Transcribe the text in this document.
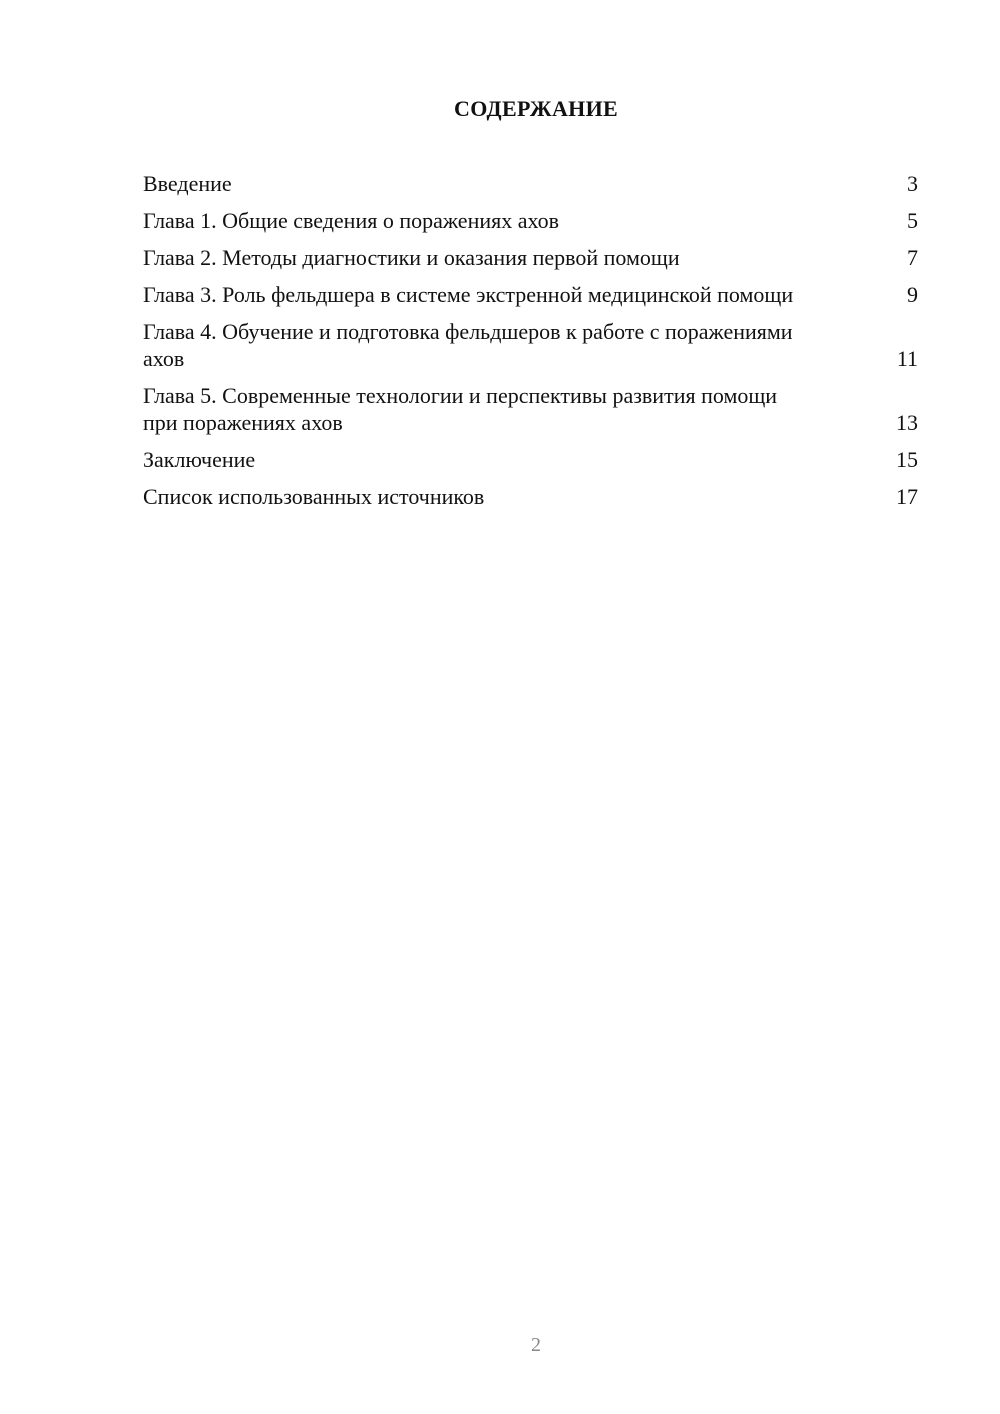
СОДЕРЖАНИЕ
Введение	3
Глава 1. Общие сведения о поражениях ахов	5
Глава 2. Методы диагностики и оказания первой помощи	7
Глава 3. Роль фельдшера в системе экстренной медицинской помощи	9
Глава 4. Обучение и подготовка фельдшеров к работе с поражениями ахов	11
Глава 5. Современные технологии и перспективы развития помощи при поражениях ахов	13
Заключение	15
Список использованных источников	17
2
